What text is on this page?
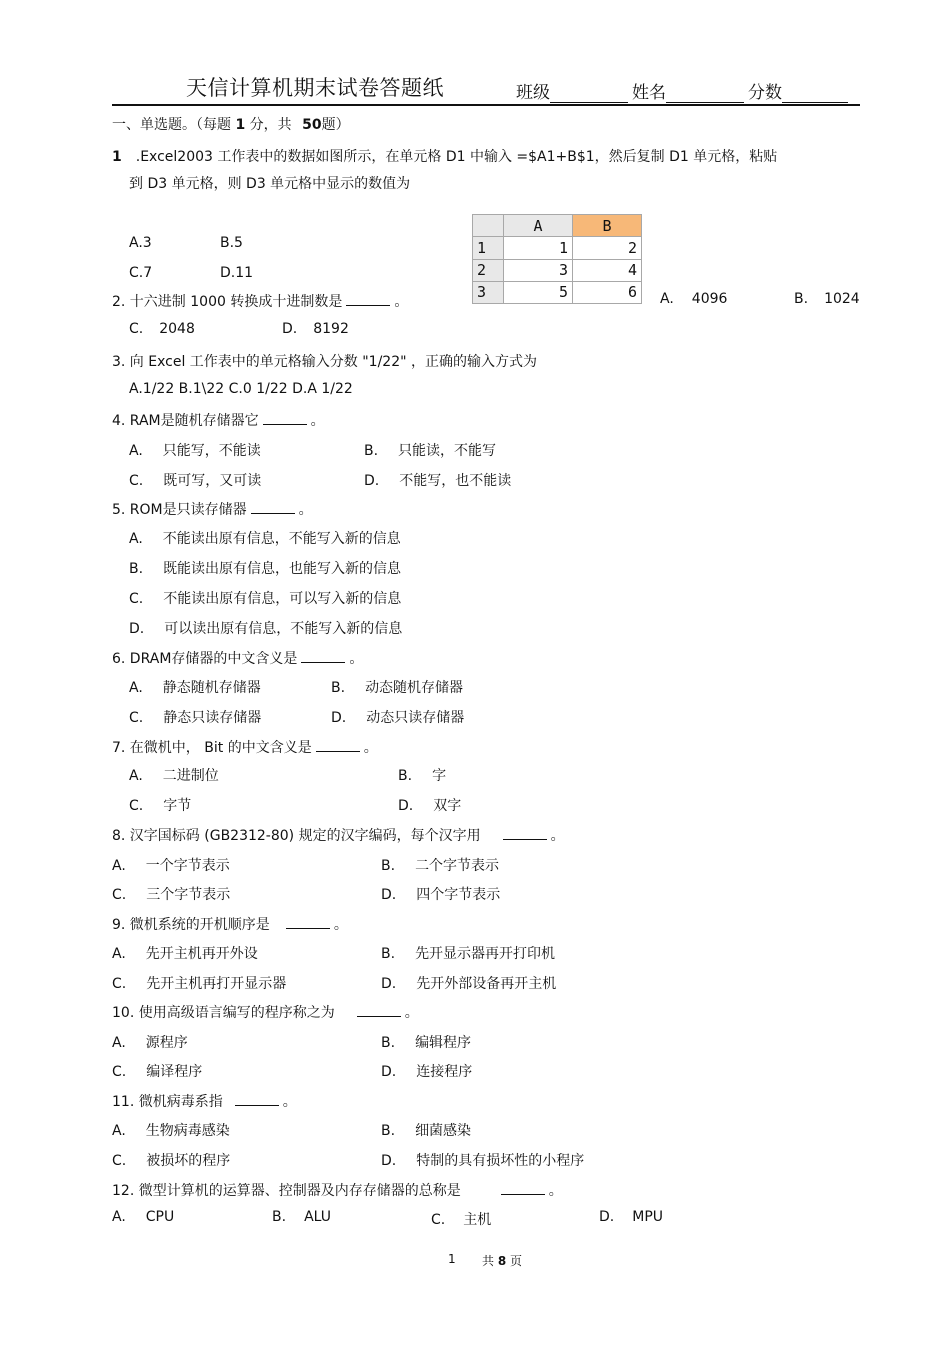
天信计算机期末试卷答题纸	班级	姓名	分数
一、单选题。（每题 1 分，共 50题）
1 .Excel2003 工作表中的数据如图所示，在单元格 D1 中输入 =$A1+B$1，然后复制 D1 单元格，粘贴
到 D3 单元格，则 D3 单元格中显示的数值为
A.3	B.5
C.7	D.11
	A	B
1	1	2
2	3	4
3	5	6
2. 十六进制 1000 转换成十进制数是	。	A. 4096	B. 1024
C. 2048	D. 8192
3. 向 Excel 工作表中的单元格输入分数 "1/22" ，正确的输入方式为
A.1/22 B.1\22 C.0 1/22 D.A 1/22
4. RAM是随机存储器它	。
A. 只能写，不能读	B. 只能读，不能写
C. 既可写，又可读	D. 不能写，也不能读
5. ROM是只读存储器	。
A. 不能读出原有信息，不能写入新的信息
B. 既能读出原有信息，也能写入新的信息
C. 不能读出原有信息，可以写入新的信息
D. 可以读出原有信息，不能写入新的信息
6. DRAM存储器的中文含义是	。
A. 静态随机存储器	B. 动态随机存储器
C. 静态只读存储器	D. 动态只读存储器
7. 在微机中， Bit 的中文含义是	。
A. 二进制位	B. 字
C. 字节	D. 双字
8. 汉字国标码 (GB2312-80) 规定的汉字编码，每个汉字用	。
A. 一个字节表示	B. 二个字节表示
C. 三个字节表示	D. 四个字节表示
9. 微机系统的开机顺序是	。
A. 先开主机再开外设	B. 先开显示器再开打印机
C. 先开主机再打开显示器	D. 先开外部设备再开主机
10. 使用高级语言编写的程序称之为	。
A. 源程序	B. 编辑程序
C. 编译程序	D. 连接程序
11. 微机病毒系指	。
A. 生物病毒感染	B. 细菌感染
C. 被损坏的程序	D. 特制的具有损坏性的小程序
12. 微型计算机的运算器、控制器及内存存储器的总称是	。
A. CPU	B. ALU	C. 主机	D. MPU
1 共 8 页
